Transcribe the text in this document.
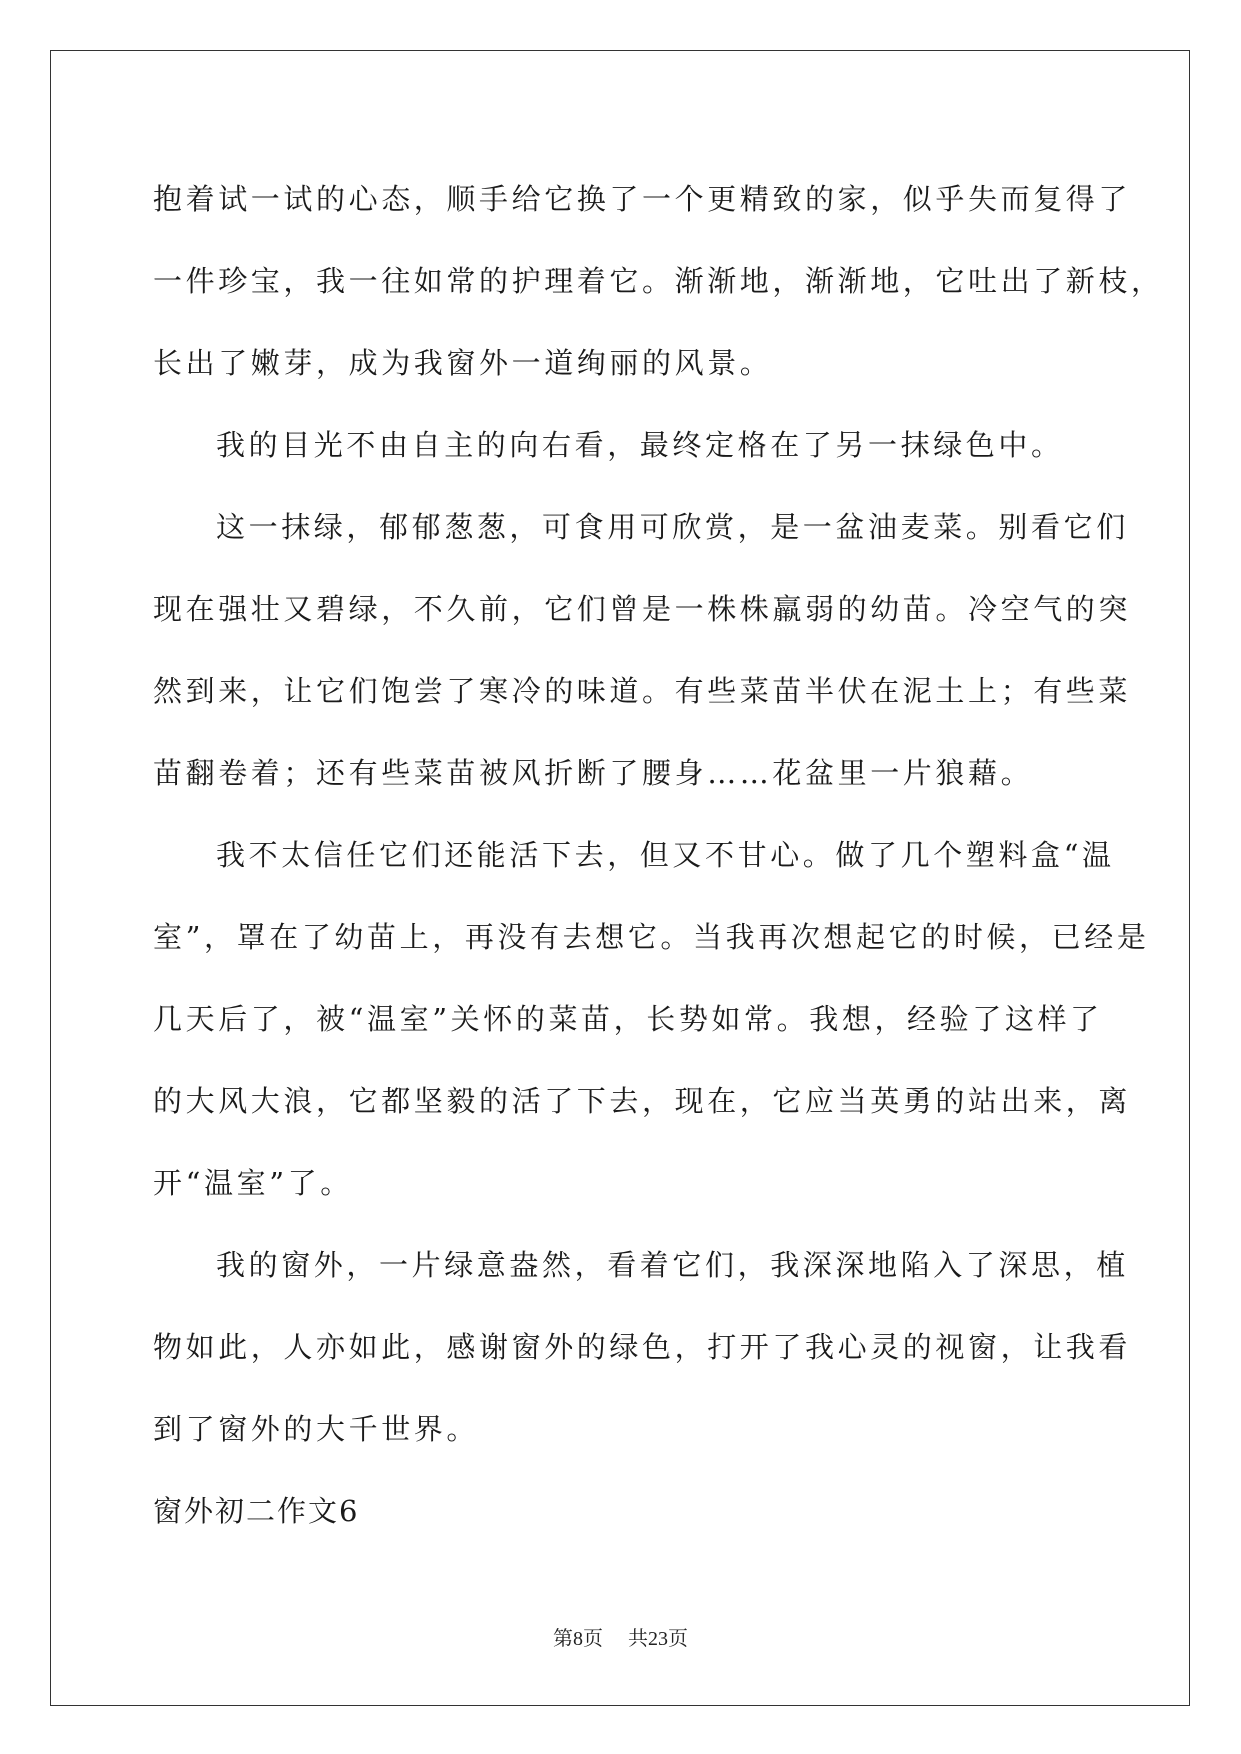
抱着试一试的心态，顺手给它换了一个更精致的家，似乎失而复得了
一件珍宝，我一往如常的护理着它。渐渐地，渐渐地，它吐出了新枝，
长出了嫩芽，成为我窗外一道绚丽的风景。
我的目光不由自主的向右看，最终定格在了另一抹绿色中。
这一抹绿，郁郁葱葱，可食用可欣赏，是一盆油麦菜。别看它们
现在强壮又碧绿，不久前，它们曾是一株株羸弱的幼苗。冷空气的突
然到来，让它们饱尝了寒冷的味道。有些菜苗半伏在泥土上；有些菜
苗翻卷着；还有些菜苗被风折断了腰身……花盆里一片狼藉。
我不太信任它们还能活下去，但又不甘心。做了几个塑料盒“温
室”，罩在了幼苗上，再没有去想它。当我再次想起它的时候，已经是
几天后了，被“温室”关怀的菜苗，长势如常。我想，经验了这样了
的大风大浪，它都坚毅的活了下去，现在，它应当英勇的站出来，离
开“温室”了。
我的窗外，一片绿意盎然，看着它们，我深深地陷入了深思，植
物如此，人亦如此，感谢窗外的绿色，打开了我心灵的视窗，让我看
到了窗外的大千世界。
窗外初二作文6
第8页 共23页
